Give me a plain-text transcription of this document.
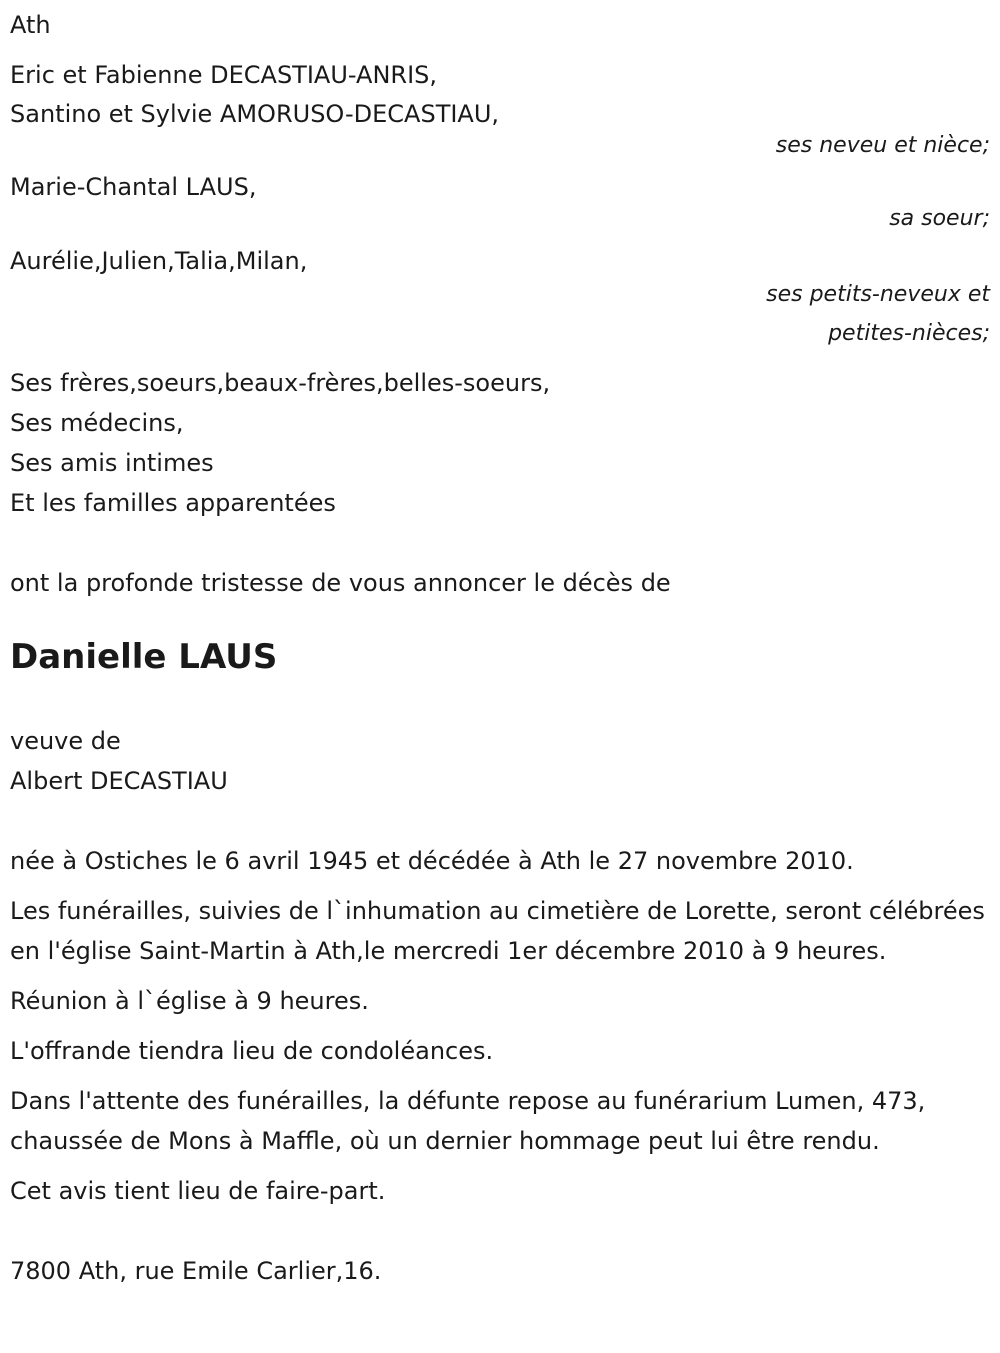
Ath
Eric et Fabienne DECASTIAU-ANRIS,
Santino et Sylvie AMORUSO-DECASTIAU,
ses neveu et nièce;
Marie-Chantal LAUS,
sa soeur;
Aurélie,Julien,Talia,Milan,
ses petits-neveux et
petites-nièces;
Ses frères,soeurs,beaux-frères,belles-soeurs,
Ses médecins,
Ses amis intimes
Et les familles apparentées
ont la profonde tristesse de vous annoncer le décès de
Danielle LAUS
veuve de
Albert DECASTIAU
née à Ostiches le 6 avril 1945 et décédée à Ath le 27 novembre 2010.
Les funérailles, suivies de l`inhumation au cimetière de Lorette, seront célébrées en l'église Saint-Martin à Ath,le mercredi 1er décembre 2010 à 9 heures.
Réunion à l`église à 9 heures.
L'offrande tiendra lieu de condoléances.
Dans l'attente des funérailles, la défunte repose au funérarium Lumen, 473, chaussée de Mons à Maffle, où un dernier hommage peut lui être rendu.
Cet avis tient lieu de faire-part.
7800 Ath, rue Emile Carlier,16.
